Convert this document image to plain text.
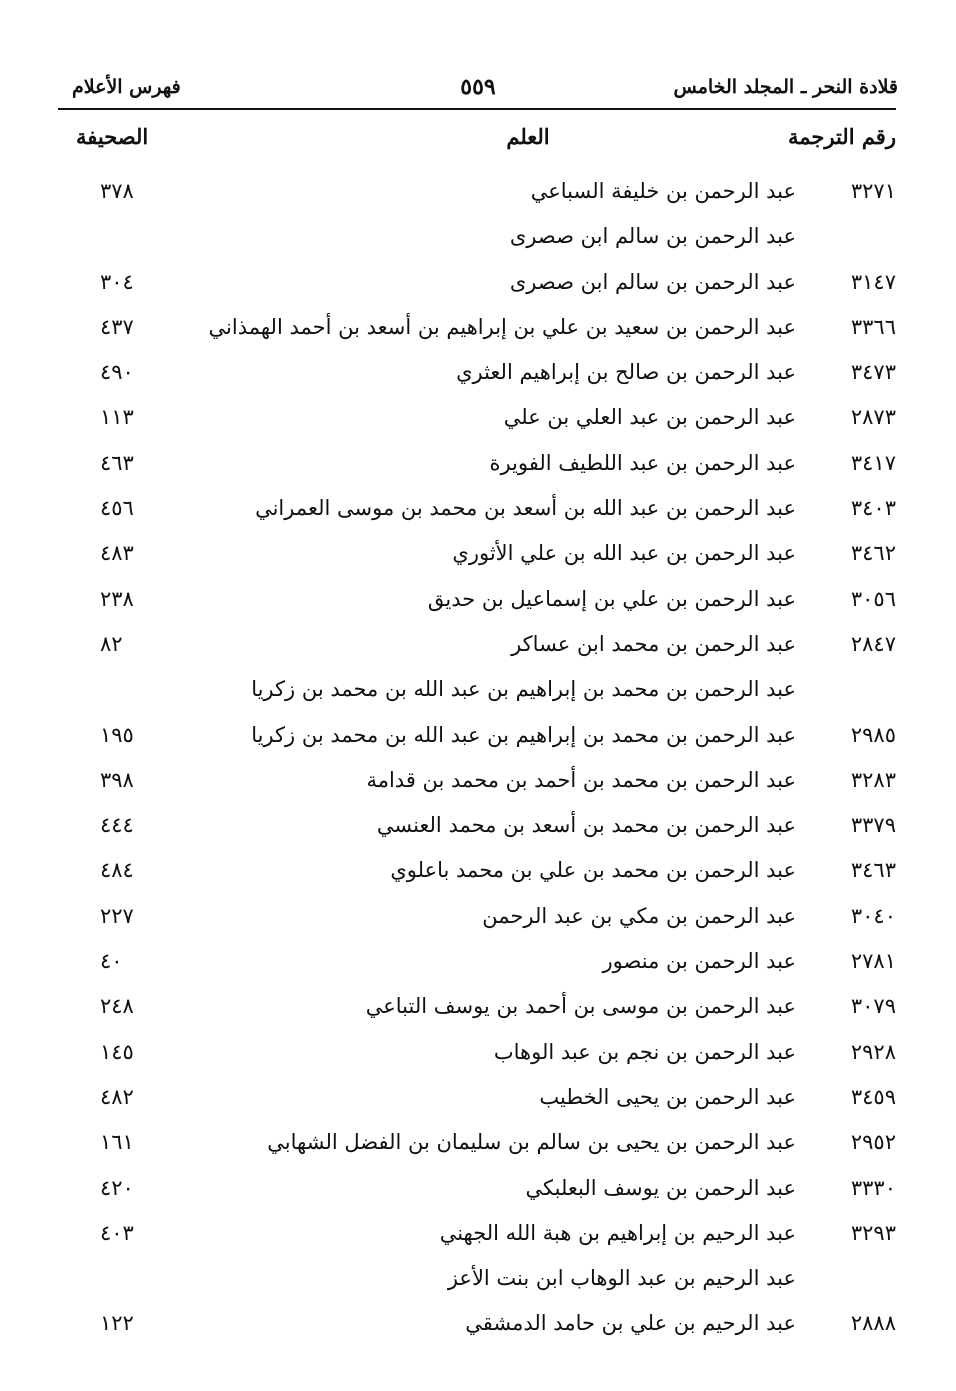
قلادة النحر ـ المجلد الخامس
٥٥٩
فهرس الأعلام
رقم الترجمة
العلم
الصحيفة
٣٢٧١
عبد الرحمن بن خليفة السباعي
٣٧٨
عبد الرحمن بن سالم ابن صصرى
٣١٤٧
عبد الرحمن بن سالم ابن صصرى
٣٠٤
٣٣٦٦
عبد الرحمن بن سعيد بن علي بن إبراهيم بن أسعد بن أحمد الهمذاني
٤٣٧
٣٤٧٣
عبد الرحمن بن صالح بن إبراهيم العثري
٤٩٠
٢٨٧٣
عبد الرحمن بن عبد العلي بن علي
١١٣
٣٤١٧
عبد الرحمن بن عبد اللطيف الفويرة
٤٦٣
٣٤٠٣
عبد الرحمن بن عبد الله بن أسعد بن محمد بن موسى العمراني
٤٥٦
٣٤٦٢
عبد الرحمن بن عبد الله بن علي الأثوري
٤٨٣
٣٠٥٦
عبد الرحمن بن علي بن إسماعيل بن حديق
٢٣٨
٢٨٤٧
عبد الرحمن بن محمد ابن عساكر
٨٢
عبد الرحمن بن محمد بن إبراهيم بن عبد الله بن محمد بن زكريا
٢٩٨٥
عبد الرحمن بن محمد بن إبراهيم بن عبد الله بن محمد بن زكريا
١٩٥
٣٢٨٣
عبد الرحمن بن محمد بن أحمد بن محمد بن قدامة
٣٩٨
٣٣٧٩
عبد الرحمن بن محمد بن أسعد بن محمد العنسي
٤٤٤
٣٤٦٣
عبد الرحمن بن محمد بن علي بن محمد باعلوي
٤٨٤
٣٠٤٠
عبد الرحمن بن مكي بن عبد الرحمن
٢٢٧
٢٧٨١
عبد الرحمن بن منصور
٤٠
٣٠٧٩
عبد الرحمن بن موسى بن أحمد بن يوسف التباعي
٢٤٨
٢٩٢٨
عبد الرحمن بن نجم بن عبد الوهاب
١٤٥
٣٤٥٩
عبد الرحمن بن يحيى الخطيب
٤٨٢
٢٩٥٢
عبد الرحمن بن يحيى بن سالم بن سليمان بن الفضل الشهابي
١٦١
٣٣٣٠
عبد الرحمن بن يوسف البعلبكي
٤٢٠
٣٢٩٣
عبد الرحيم بن إبراهيم بن هبة الله الجهني
٤٠٣
عبد الرحيم بن عبد الوهاب ابن بنت الأعز
٢٨٨٨
عبد الرحيم بن علي بن حامد الدمشقي
١٢٢
